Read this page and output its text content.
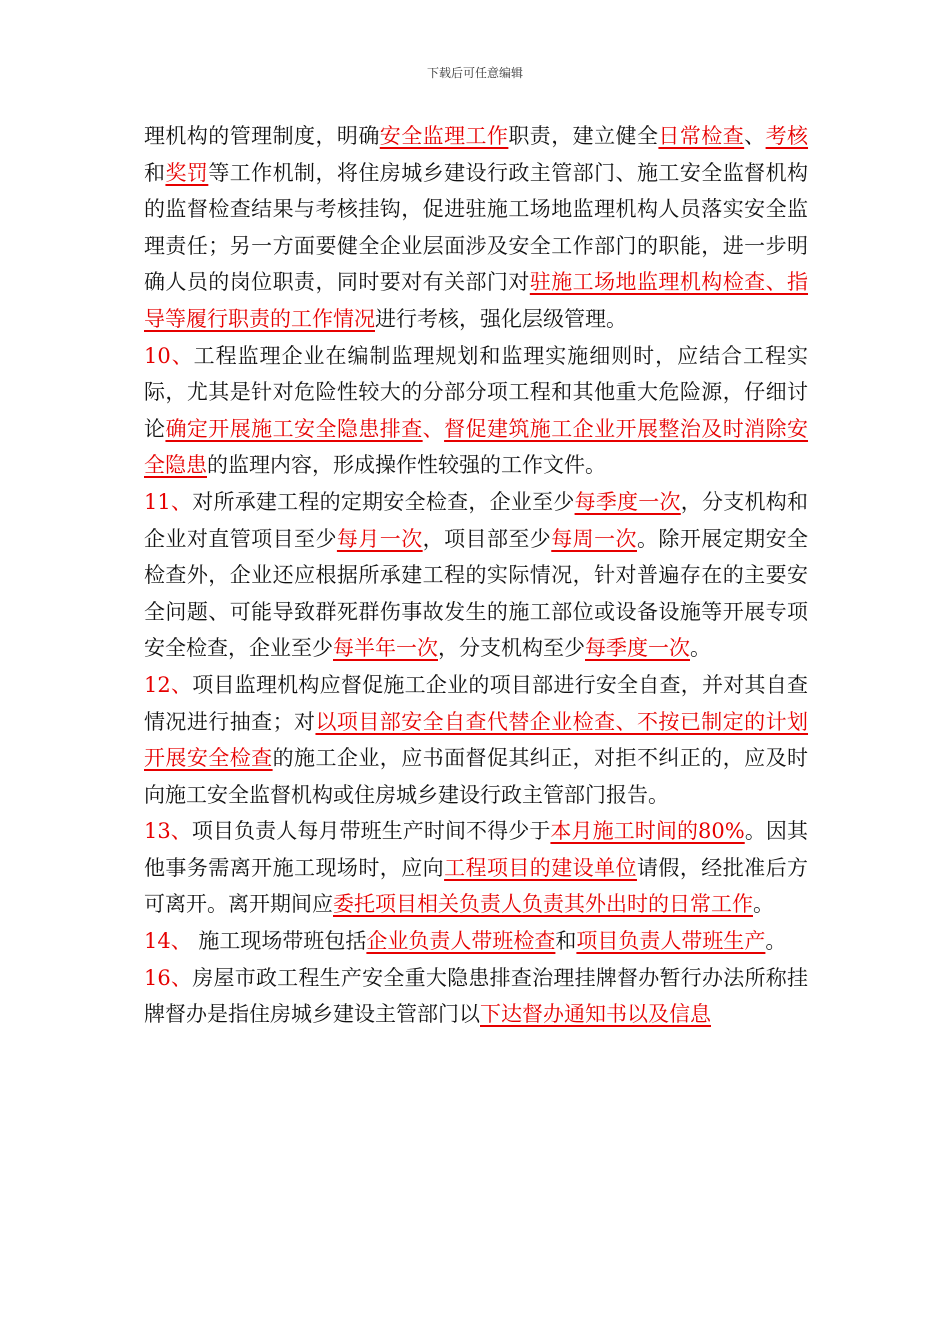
下载后可任意编辑

理机构的管理制度，明确安全监理工作职责，建立健全日常检查、考核和奖罚等工作机制，将住房城乡建设行政主管部门、施工安全监督机构的监督检查结果与考核挂钩，促进驻施工场地监理机构人员落实安全监理责任；另一方面要健全企业层面涉及安全工作部门的职能，进一步明确人员的岗位职责，同时要对有关部门对驻施工场地监理机构检查、指导等履行职责的工作情况进行考核，强化层级管理。

10、工程监理企业在编制监理规划和监理实施细则时，应结合工程实际，尤其是针对危险性较大的分部分项工程和其他重大危险源，仔细讨论确定开展施工安全隐患排查、督促建筑施工企业开展整治及时消除安全隐患的监理内容，形成操作性较强的工作文件。

11、对所承建工程的定期安全检查，企业至少每季度一次，分支机构和企业对直管项目至少每月一次，项目部至少每周一次。除开展定期安全检查外，企业还应根据所承建工程的实际情况，针对普遍存在的主要安全问题、可能导致群死群伤事故发生的施工部位或设备设施等开展专项安全检查，企业至少每半年一次，分支机构至少每季度一次。

12、项目监理机构应督促施工企业的项目部进行安全自查，并对其自查情况进行抽查；对以项目部安全自查代替企业检查、不按已制定的计划开展安全检查的施工企业，应书面督促其纠正，对拒不纠正的，应及时向施工安全监督机构或住房城乡建设行政主管部门报告。

13、项目负责人每月带班生产时间不得少于本月施工时间的80%。因其他事务需离开施工现场时，应向工程项目的建设单位请假，经批准后方可离开。离开期间应委托项目相关负责人负责其外出时的日常工作。

14、 施工现场带班包括企业负责人带班检查和项目负责人带班生产。

16、房屋市政工程生产安全重大隐患排查治理挂牌督办暂行办法所称挂牌督办是指住房城乡建设主管部门以下达督办通知书以及信息
